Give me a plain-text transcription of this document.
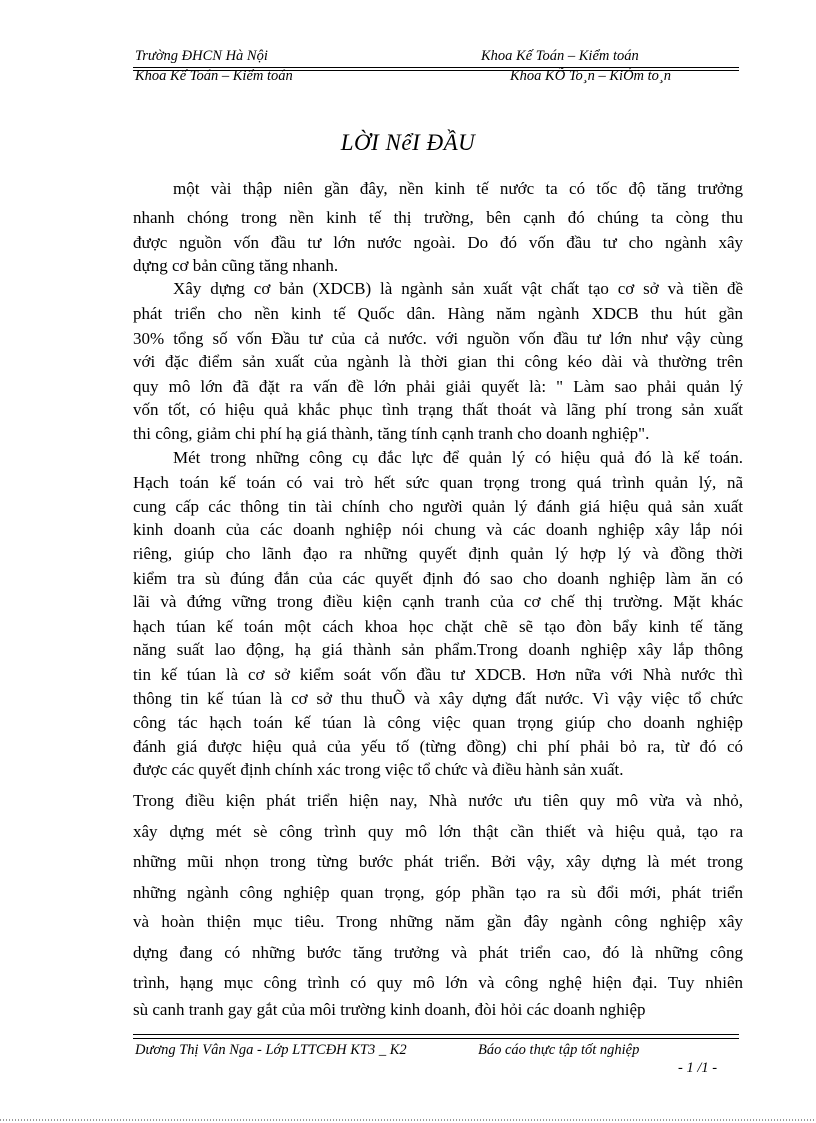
Trường ĐHCN Hà Nội	Khoa Kế Toán – Kiểm toán
Khoa Kế Toán – Kiểm toán	Khoa KÕ To¸n – KiÓm to¸n
LỜI NểI ĐẦU
một vài thập niên gần đây, nền kinh tế nước ta có tốc độ tăng trưởng
nhanh chóng trong nền kinh tế thị trường, bên cạnh đó chúng ta còng thu
được nguồn vốn đầu tư lớn nước ngoài. Do đó vốn đầu tư cho ngành xây
dựng cơ bản cũng tăng nhanh.
Xây dựng cơ bản (XDCB) là ngành sản xuất vật chất tạo cơ sở và tiền đề
phát triển cho nền kinh tế Quốc dân. Hàng năm ngành XDCB thu hút gần
30% tổng số vốn Đầu tư của cả nước. với nguồn vốn đầu tư lớn như vậy cùng
với đặc điểm sản xuất của ngành là thời gian thi công kéo dài và thường trên
quy mô lớn đã đặt ra vấn đề lớn phải giải quyết là: " Làm sao phải quản lý
vốn tốt, có hiệu quả khắc phục tình trạng thất thoát và lãng phí trong sản xuất
thi công, giảm chi phí hạ giá thành, tăng tính cạnh tranh cho doanh nghiệp".
Mét trong những công cụ đắc lực để quản lý có hiệu quả đó là kế toán.
Hạch toán kế toán có vai trò hết sức quan trọng trong quá trình quản lý, nã
cung cấp các thông tin tài chính cho người quản lý đánh giá hiệu quả sản xuất
kinh doanh của các doanh nghiệp nói chung và các doanh nghiệp xây lắp nói
riêng, giúp cho lãnh đạo ra những quyết định quản lý hợp lý và đồng thời
kiểm tra sù đúng đắn của các quyết định đó sao cho doanh nghiệp làm ăn có
lãi và đứng vững trong điều kiện cạnh tranh của cơ chế thị trường. Mặt khác
hạch túan kế toán một cách khoa học chặt chẽ sẽ tạo đòn bẩy kinh tế tăng
năng suất lao động, hạ giá thành sản phẩm.Trong doanh nghiệp xây lắp thông
tin kế túan là cơ sở kiểm soát vốn đầu tư XDCB. Hơn nữa với Nhà nước thì
thông tin kế túan là cơ sở thu thuÕ và xây dựng đất nước. Vì vậy việc tổ chức
công tác hạch toán kế túan là công việc quan trọng giúp cho doanh nghiệp
đánh giá được hiệu quả của yếu tố (từng đồng) chi phí phải bỏ ra, từ đó có
được các quyết định chính xác trong việc tổ chức và điều hành sản xuất.
Trong điều kiện phát triển hiện nay, Nhà nước ưu tiên quy mô vừa và nhỏ,
xây dựng mét sè công trình quy mô lớn thật cần thiết và hiệu quả, tạo ra
những mũi nhọn trong từng bước phát triển. Bởi vậy, xây dựng là mét trong
những ngành công nghiệp quan trọng, góp phần tạo ra sù đổi mới, phát triển
và hoàn thiện mục tiêu. Trong những năm gần đây ngành công nghiệp xây
dựng đang có những bước tăng trưởng và phát triển cao, đó là những công
trình, hạng mục công trình có quy mô lớn và công nghệ hiện đại. Tuy nhiên
sù canh tranh gay gắt của môi trường kinh doanh, đòi hỏi các doanh nghiệp
Dương Thị Vân Nga - Lớp LTTCĐH KT3 _ K2	Báo cáo thực tập tốt nghiệp
- 1 /1 -
